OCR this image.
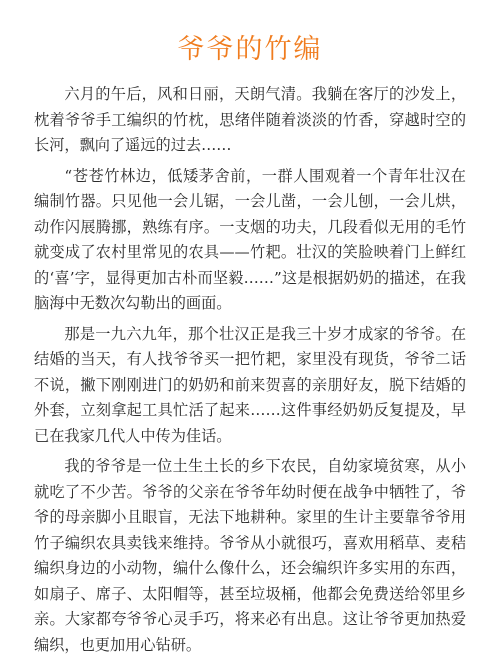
爷爷的竹编

六月的午后，风和日丽，天朗气清。我躺在客厅的沙发上，枕着爷爷手工编织的竹枕，思绪伴随着淡淡的竹香，穿越时空的长河，飘向了遥远的过去……

“苍苍竹林边，低矮茅舍前，一群人围观着一个青年壮汉在编制竹器。只见他一会儿锯，一会儿凿，一会儿刨，一会儿烘，动作闪展腾挪，熟练有序。一支烟的功夫，几段看似无用的毛竹就变成了农村里常见的农具——竹耙。壮汉的笑脸映着门上鲜红的‘喜’字，显得更加古朴而坚毅……”这是根据奶奶的描述，在我脑海中无数次勾勒出的画面。

那是一九六九年，那个壮汉正是我三十岁才成家的爷爷。在结婚的当天，有人找爷爷买一把竹耙，家里没有现货，爷爷二话不说，撇下刚刚进门的奶奶和前来贺喜的亲朋好友，脱下结婚的外套，立刻拿起工具忙活了起来……这件事经奶奶反复提及，早已在我家几代人中传为佳话。

我的爷爷是一位土生土长的乡下农民，自幼家境贫寒，从小就吃了不少苦。爷爷的父亲在爷爷年幼时便在战争中牺牲了，爷爷的母亲脚小且眼盲，无法下地耕种。家里的生计主要靠爷爷用竹子编织农具卖钱来维持。爷爷从小就很巧，喜欢用稻草、麦秸编织身边的小动物，编什么像什么，还会编织许多实用的东西，如扇子、席子、太阳帽等，甚至垃圾桶，他都会免费送给邻里乡亲。大家都夸爷爷心灵手巧，将来必有出息。这让爷爷更加热爱编织，也更加用心钻研。
